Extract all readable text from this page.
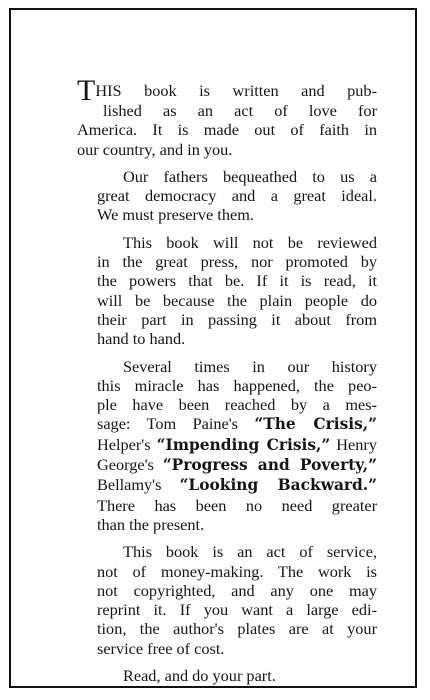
THIS book is written and pub-
lished as an act of love for
America. It is made out of faith in
our country, and in you.

Our fathers bequeathed to us a
great democracy and a great ideal.
We must preserve them.

This book will not be reviewed
in the great press, nor promoted by
the powers that be. If it is read, it
will be because the plain people do
their part in passing it about from
hand to hand.

Several times in our history
this miracle has happened, the peo-
ple have been reached by a mes-
sage: Tom Paine's “The Crisis,”
Helper's “Impending Crisis,” Henry
George's “Progress and Poverty,”
Bellamy's “Looking Backward.”
There has been no need greater
than the present.

This book is an act of service,
not of money-making. The work is
not copyrighted, and any one may
reprint it. If you want a large edi-
tion, the author's plates are at your
service free of cost.

Read, and do your part.
